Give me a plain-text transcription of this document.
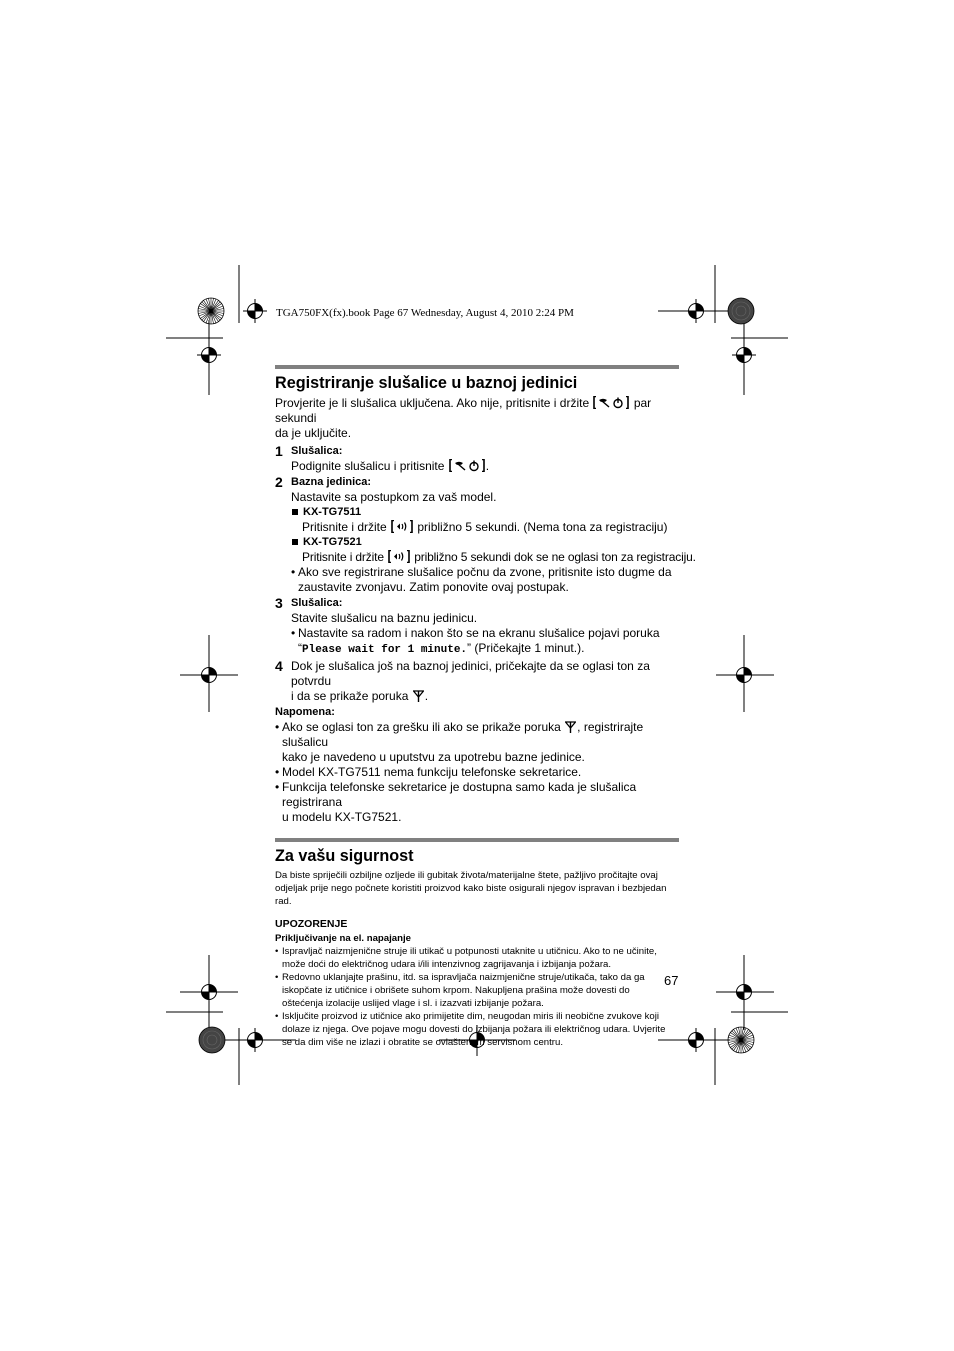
TGA750FX(fx).book Page 67 Wednesday, August 4, 2010 2:24 PM
Registriranje slušalice u baznoj jedinici
Provjerite je li slušalica uključena. Ako nije, pritisnite i držite	par sekundi
da je uključite.
1 Slušalica:
Podignite slušalicu i pritisnite	.
2 Bazna jedinica:
Nastavite sa postupkom za vaš model.
KX-TG7511
Pritisnite i držite
približno 5 sekundi. (Nema tona za registraciju)
KX-TG7521
Pritisnite i držite
približno 5 sekundi dok se ne oglasi ton za registraciju.
• Ako sve registrirane slušalice počnu da zvone, pritisnite isto dugme da
zaustavite zvonjavu. Zatim ponovite ovaj postupak.
3 Slušalica:
Stavite slušalicu na baznu jedinicu.
• Nastavite sa radom i nakon što se na ekranu slušalice pojavi poruka
“Please wait for 1 minute.” (Pričekajte 1 minut.).
4 Dok je slušalica još na baznoj jedinici, pričekajte da se oglasi ton za potvrdu
i da se prikaže poruka
.
Napomena:
• Ako se oglasi ton za grešku ili ako se prikaže poruka
, registrirajte slušalicu
kako je navedeno u uputstvu za upotrebu bazne jedinice.
• Model KX-TG7511 nema funkciju telefonske sekretarice.
• Funkcija telefonske sekretarice je dostupna samo kada je slušalica registrirana
u modelu KX-TG7521.
Za vašu sigurnost
Da biste spriječili ozbiljne ozljede ili gubitak života/materijalne štete, pažljivo pročitajte ovaj
odjeljak prije nego počnete koristiti proizvod kako biste osigurali njegov ispravan i bezbjedan
rad.
UPOZORENJE
Priključivanje na el. napajanje
• Ispravljač naizmjenične struje ili utikač u potpunosti utaknite u utičnicu. Ako to ne učinite,
može doći do električnog udara i/ili intenzivnog zagrijavanja i izbijanja požara.
• Redovno uklanjajte prašinu, itd. sa ispravljača naizmjenične struje/utikača, tako da ga
iskopčate iz utičnice i obrišete suhom krpom. Nakupljena prašina može dovesti do
oštećenja izolacije uslijed vlage i sl. i izazvati izbijanje požara.
• Isključite proizvod iz utičnice ako primijetite dim, neugodan miris ili neobične zvukove koji
dolaze iz njega. Ove pojave mogu dovesti do izbijanja požara ili električnog udara. Uvjerite
se da dim više ne izlazi i obratite se ovlaštenom servisnom centru.
67
